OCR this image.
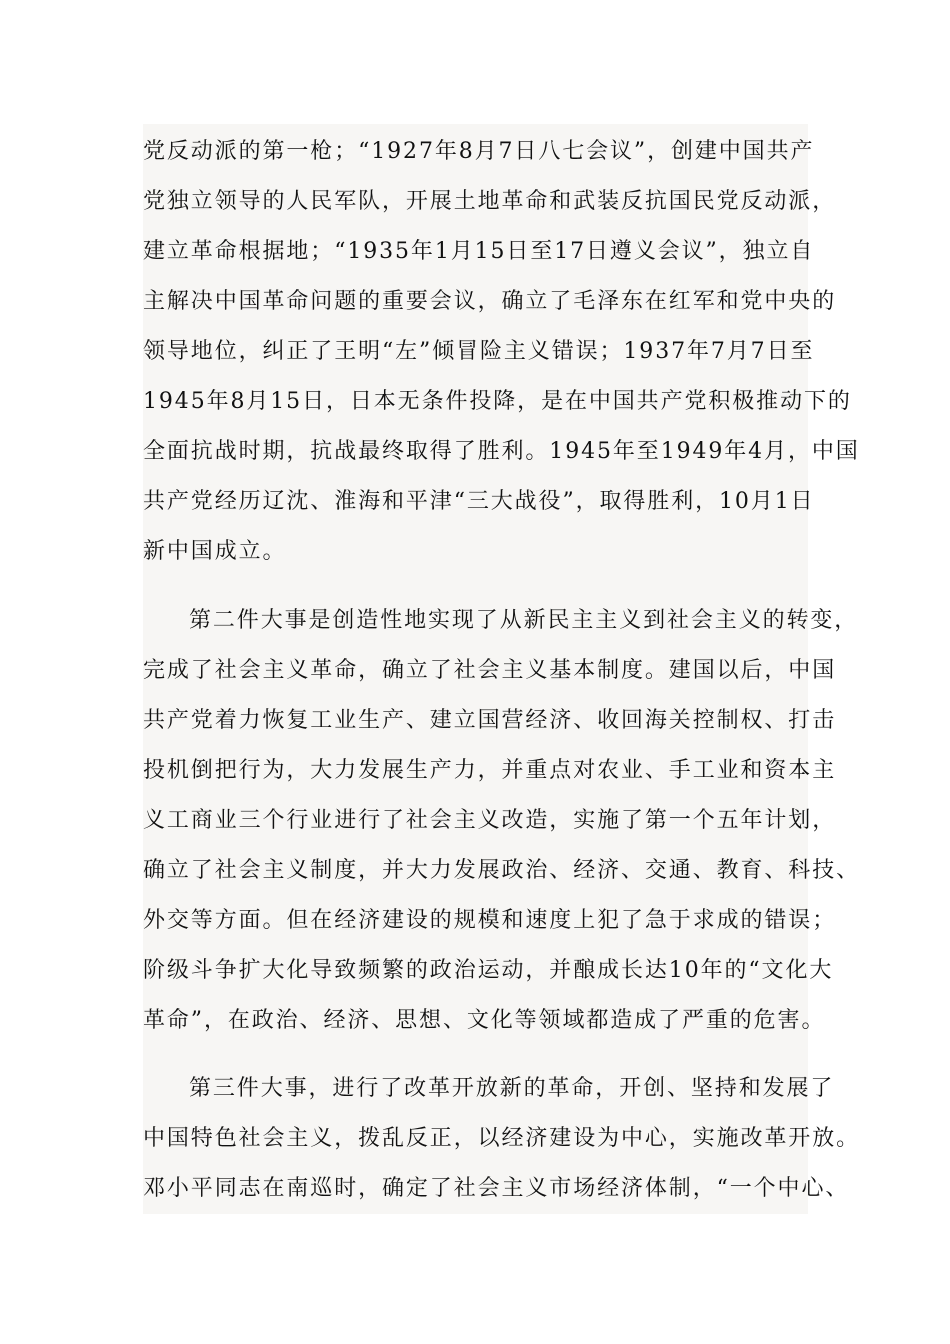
党反动派的第一枪；“1927年8月7日八七会议”，创建中国共产
党独立领导的人民军队，开展土地革命和武装反抗国民党反动派，
建立革命根据地；“1935年1月15日至17日遵义会议”，独立自
主解决中国革命问题的重要会议，确立了毛泽东在红军和党中央的
领导地位，纠正了王明“左”倾冒险主义错误；1937年7月7日至
1945年8月15日，日本无条件投降，是在中国共产党积极推动下的
全面抗战时期，抗战最终取得了胜利。1945年至1949年4月，中国
共产党经历辽沈、淮海和平津“三大战役”，取得胜利，10月1日
新中国成立。
第二件大事是创造性地实现了从新民主主义到社会主义的转变，
完成了社会主义革命，确立了社会主义基本制度。建国以后，中国
共产党着力恢复工业生产、建立国营经济、收回海关控制权、打击
投机倒把行为，大力发展生产力，并重点对农业、手工业和资本主
义工商业三个行业进行了社会主义改造，实施了第一个五年计划，
确立了社会主义制度，并大力发展政治、经济、交通、教育、科技、
外交等方面。但在经济建设的规模和速度上犯了急于求成的错误；
阶级斗争扩大化导致频繁的政治运动，并酿成长达10年的“文化大
革命”，在政治、经济、思想、文化等领域都造成了严重的危害。
第三件大事，进行了改革开放新的革命，开创、坚持和发展了
中国特色社会主义，拨乱反正，以经济建设为中心，实施改革开放。
邓小平同志在南巡时，确定了社会主义市场经济体制，“一个中心、
